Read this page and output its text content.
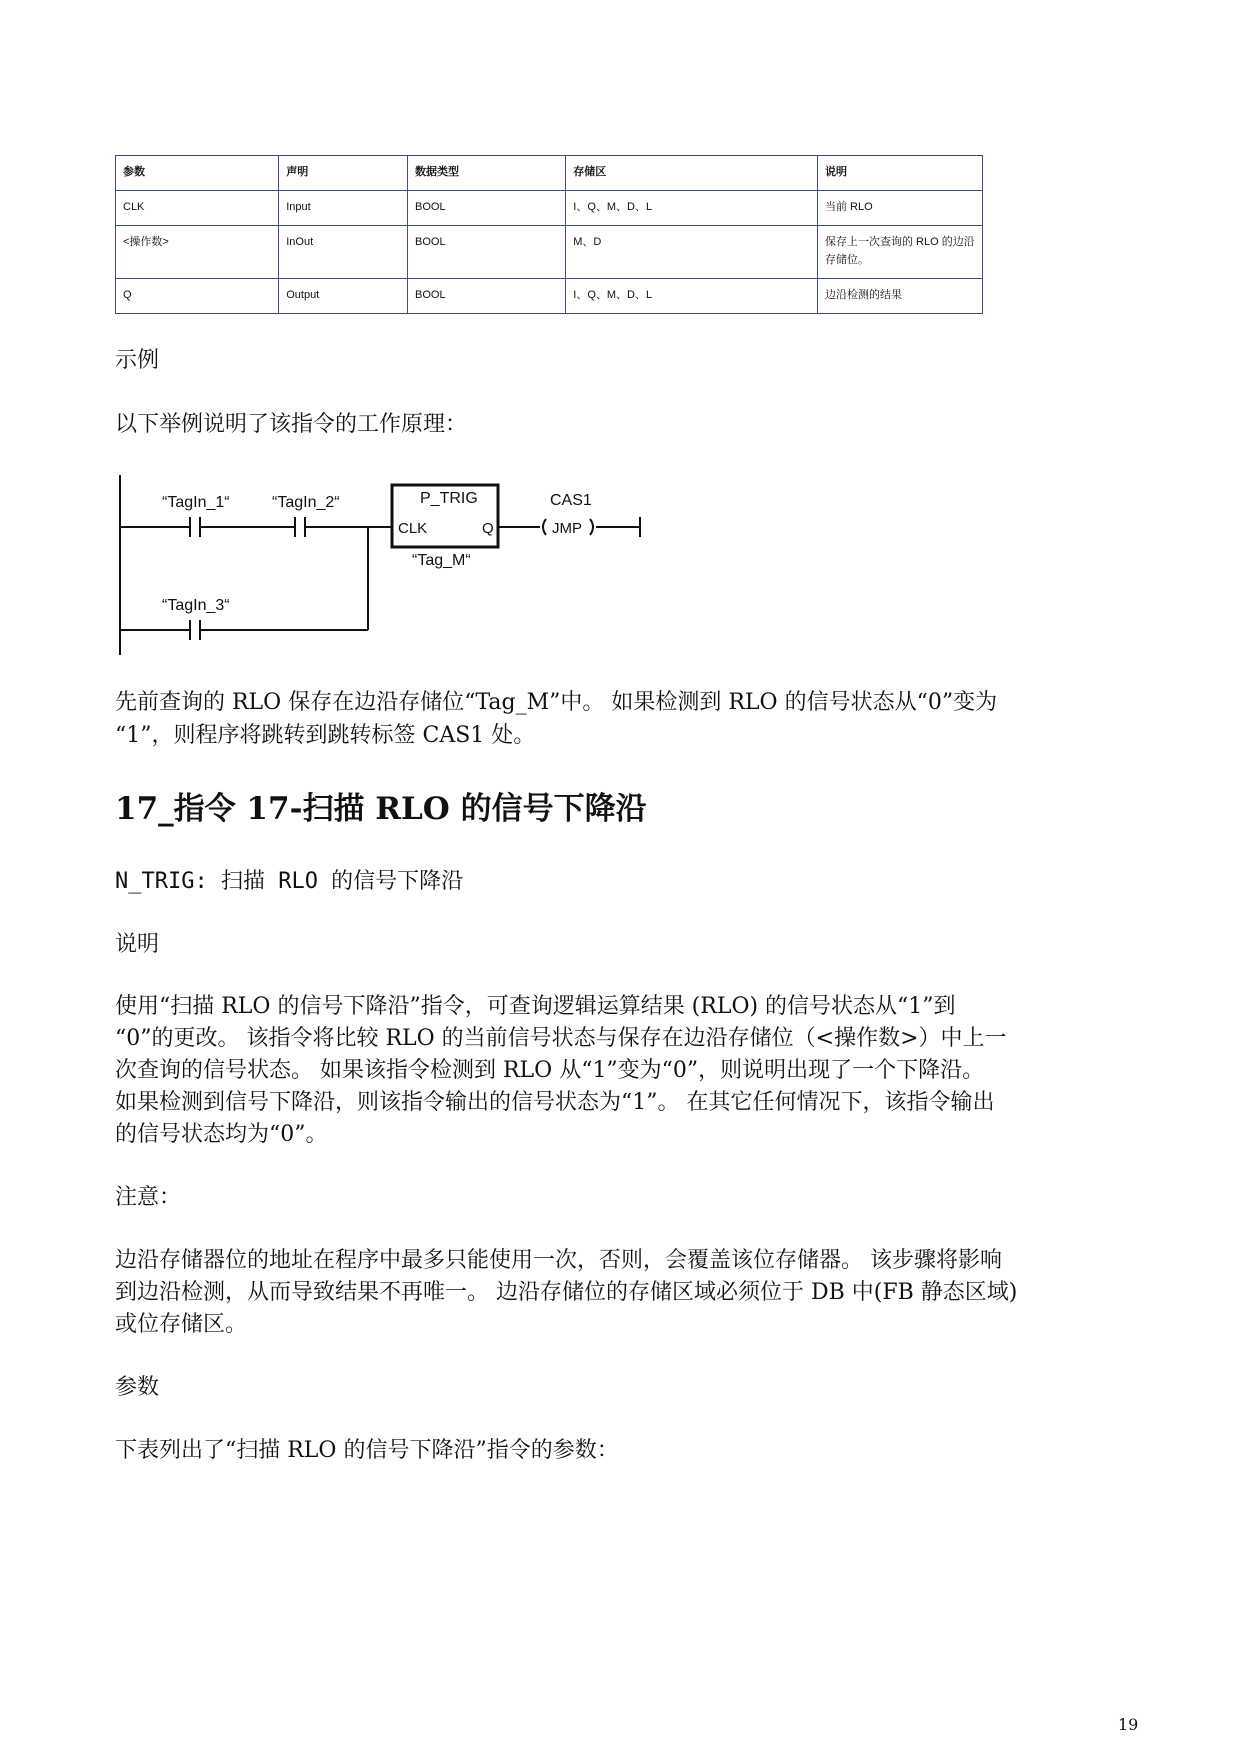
参数	声明	数据类型	存储区	说明
CLK	Input	BOOL	I、Q、M、D、L	当前 RLO
<操作数>	InOut	BOOL	M、D	保存上一次查询的 RLO 的边沿存储位。
Q	Output	BOOL	I、Q、M、D、L	边沿检测的结果

示例

以下举例说明了该指令的工作原理：

“TagIn_1“	“TagIn_2“
“TagIn_3“
P_TRIG
CLK	Q
“Tag_M“
CAS1
JMP

先前查询的 RLO 保存在边沿存储位“Tag_M”中。 如果检测到 RLO 的信号状态从“0”变为

“1”，则程序将跳转到跳转标签 CAS1 处。

17_指令 17-扫描 RLO 的信号下降沿

N_TRIG: 扫描 RLO 的信号下降沿

说明

使用“扫描 RLO 的信号下降沿”指令，可查询逻辑运算结果 (RLO) 的信号状态从“1”到

“0”的更改。 该指令将比较 RLO 的当前信号状态与保存在边沿存储位（<操作数>）中上一

次查询的信号状态。 如果该指令检测到 RLO 从“1”变为“0”，则说明出现了一个下降沿。

如果检测到信号下降沿，则该指令输出的信号状态为“1”。 在其它任何情况下，该指令输出

的信号状态均为“0”。

注意：

边沿存储器位的地址在程序中最多只能使用一次，否则，会覆盖该位存储器。 该步骤将影响

到边沿检测，从而导致结果不再唯一。 边沿存储位的存储区域必须位于 DB 中(FB 静态区域)

或位存储区。

参数

下表列出了“扫描 RLO 的信号下降沿”指令的参数：

19
